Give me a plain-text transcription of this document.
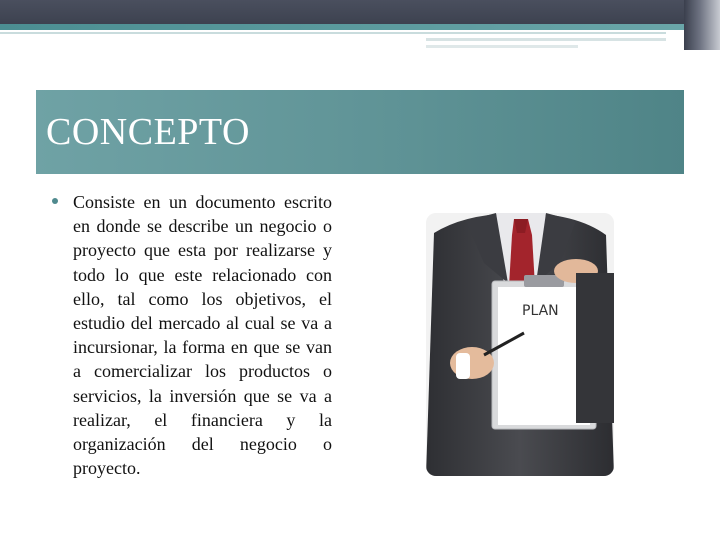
CONCEPTO

Consiste en un documento escrito en donde se describe un negocio o proyecto que esta por realizarse y todo lo que este relacionado con ello, tal como los objetivos, el estudio del mercado al cual se va a incursionar, la forma en que se van a comercializar los productos o servicios, la inversión que se va a realizar, el financiera y la organización del negocio o proyecto.

PLAN
